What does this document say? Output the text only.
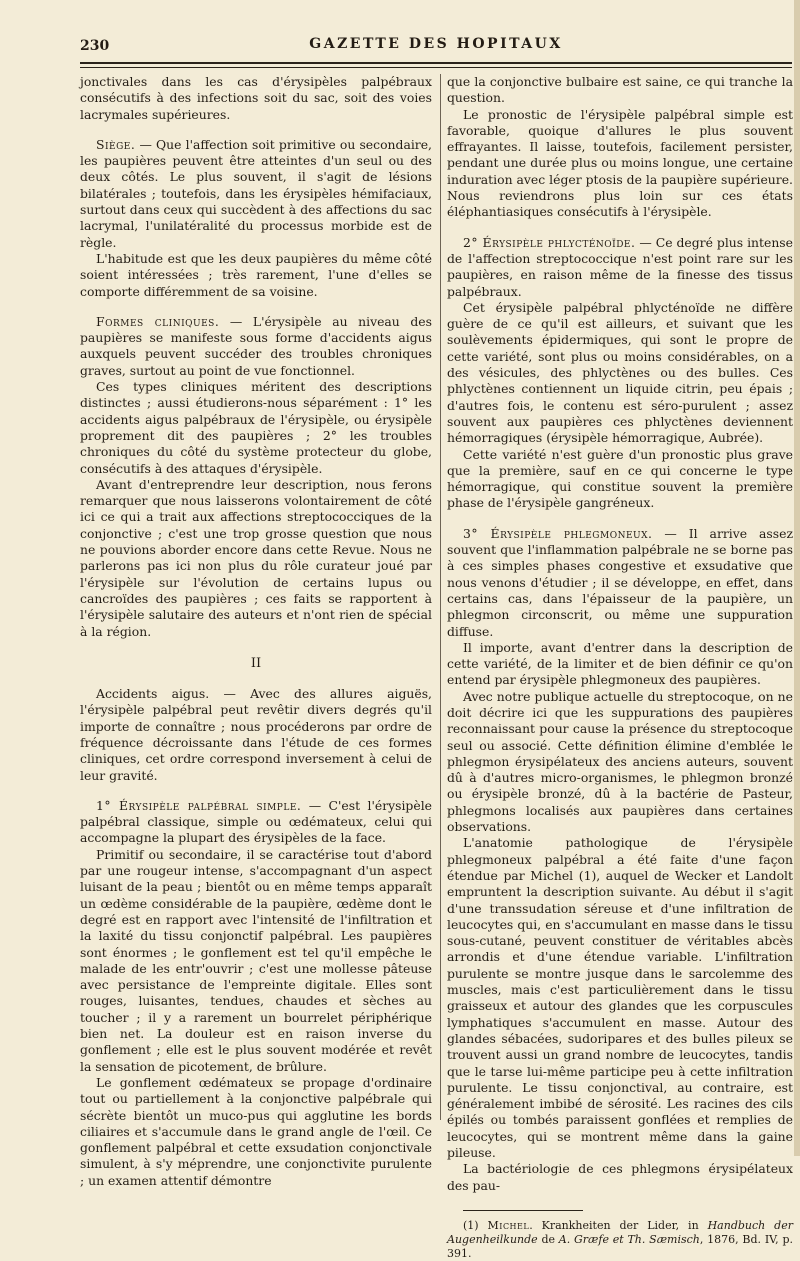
230	GAZETTE DES HOPITAUX

jonctivales dans les cas d'érysipèles palpébraux consécutifs à des infections soit du sac, soit des voies lacrymales supérieures.

Siège. — Que l'affection soit primitive ou secondaire, les paupières peuvent être atteintes d'un seul ou des deux côtés. Le plus souvent, il s'agit de lésions bilatérales ; toutefois, dans les érysipèles hémifaciaux, surtout dans ceux qui succèdent à des affections du sac lacrymal, l'unilatéralité du processus morbide est de règle.

L'habitude est que les deux paupières du même côté soient intéressées ; très rarement, l'une d'elles se comporte différemment de sa voisine.

Formes cliniques. — L'érysipèle au niveau des paupières se manifeste sous forme d'accidents aigus auxquels peuvent succéder des troubles chroniques graves, surtout au point de vue fonctionnel.

Ces types cliniques méritent des descriptions distinctes ; aussi étudierons-nous séparément : 1° les accidents aigus palpébraux de l'érysipèle, ou érysipèle proprement dit des paupières ; 2° les troubles chroniques du côté du système protecteur du globe, consécutifs à des attaques d'érysipèle.

Avant d'entreprendre leur description, nous ferons remarquer que nous laisserons volontairement de côté ici ce qui a trait aux affections streptococciques de la conjonctive ; c'est une trop grosse question que nous ne pouvions aborder encore dans cette Revue. Nous ne parlerons pas ici non plus du rôle curateur joué par l'érysipèle sur l'évolution de certains lupus ou cancroïdes des paupières ; ces faits se rapportent à l'érysipèle salutaire des auteurs et n'ont rien de spécial à la région.

II

Accidents aigus. — Avec des allures aiguës, l'érysipèle palpébral peut revêtir divers degrés qu'il importe de connaître ; nous procéderons par ordre de fréquence décroissante dans l'étude de ces formes cliniques, cet ordre correspond inversement à celui de leur gravité.

1° Érysipèle palpébral simple. — C'est l'érysipèle palpébral classique, simple ou œdémateux, celui qui accompagne la plupart des érysipèles de la face.

Primitif ou secondaire, il se caractérise tout d'abord par une rougeur intense, s'accompagnant d'un aspect luisant de la peau ; bientôt ou en même temps apparaît un œdème considérable de la paupière, œdème dont le degré est en rapport avec l'intensité de l'infiltration et la laxité du tissu conjonctif palpébral. Les paupières sont énormes ; le gonflement est tel qu'il empêche le malade de les entr'ouvrir ; c'est une mollesse pâteuse avec persistance de l'empreinte digitale. Elles sont rouges, luisantes, tendues, chaudes et sèches au toucher ; il y a rarement un bourrelet périphérique bien net. La douleur est en raison inverse du gonflement ; elle est le plus souvent modérée et revêt la sensation de picotement, de brûlure.

Le gonflement œdémateux se propage d'ordinaire tout ou partiellement à la conjonctive palpébrale qui sécrète bientôt un muco-pus qui agglutine les bords ciliaires et s'accumule dans le grand angle de l'œil. Ce gonflement palpébral et cette exsudation conjonctivale simulent, à s'y méprendre, une conjonctivite purulente ; un examen attentif démontre

que la conjonctive bulbaire est saine, ce qui tranche la question.

Le pronostic de l'érysipèle palpébral simple est favorable, quoique d'allures le plus souvent effrayantes. Il laisse, toutefois, facilement persister, pendant une durée plus ou moins longue, une certaine induration avec léger ptosis de la paupière supérieure. Nous reviendrons plus loin sur ces états éléphantiasiques consécutifs à l'érysipèle.

2° Érysipèle phlycténoïde. — Ce degré plus intense de l'affection streptococcique n'est point rare sur les paupières, en raison même de la finesse des tissus palpébraux.

Cet érysipèle palpébral phlycténoïde ne diffère guère de ce qu'il est ailleurs, et suivant que les soulèvements épidermiques, qui sont le propre de cette variété, sont plus ou moins considérables, on a des vésicules, des phlyctènes ou des bulles. Ces phlyctènes contiennent un liquide citrin, peu épais ; d'autres fois, le contenu est séro-purulent ; assez souvent aux paupières ces phlyctènes deviennent hémorragiques (érysipèle hémorragique, Aubrée).

Cette variété n'est guère d'un pronostic plus grave que la première, sauf en ce qui concerne le type hémorragique, qui constitue souvent la première phase de l'érysipèle gangréneux.

3° Érysipèle phlegmoneux. — Il arrive assez souvent que l'inflammation palpébrale ne se borne pas à ces simples phases congestive et exsudative que nous venons d'étudier ; il se développe, en effet, dans certains cas, dans l'épaisseur de la paupière, un phlegmon circonscrit, ou même une suppuration diffuse.

Il importe, avant d'entrer dans la description de cette variété, de la limiter et de bien définir ce qu'on entend par érysipèle phlegmoneux des paupières.

Avec notre publique actuelle du streptocoque, on ne doit décrire ici que les suppurations des paupières reconnaissant pour cause la présence du streptocoque seul ou associé. Cette définition élimine d'emblée le phlegmon érysipélateux des anciens auteurs, souvent dû à d'autres micro-organismes, le phlegmon bronzé ou érysipèle bronzé, dû à la bactérie de Pasteur, phlegmons localisés aux paupières dans certaines observations.

L'anatomie pathologique de l'érysipèle phlegmoneux palpébral a été faite d'une façon étendue par Michel (1), auquel de Wecker et Landolt empruntent la description suivante. Au début il s'agit d'une transsudation séreuse et d'une infiltration de leucocytes qui, en s'accumulant en masse dans le tissu sous-cutané, peuvent constituer de véritables abcès arrondis et d'une étendue variable. L'infiltration purulente se montre jusque dans le sarcolemme des muscles, mais c'est particulièrement dans le tissu graisseux et autour des glandes que les corpuscules lymphatiques s'accumulent en masse. Autour des glandes sébacées, sudoripares et des bulles pileux se trouvent aussi un grand nombre de leucocytes, tandis que le tarse lui-même participe peu à cette infiltration purulente. Le tissu conjonctival, au contraire, est généralement imbibé de sérosité. Les racines des cils épilés ou tombés paraissent gonflées et remplies de leucocytes, qui se montrent même dans la gaine pileuse.

La bactériologie de ces phlegmons érysipélateux des pau-

(1) Michel. Krankheiten der Lider, in Handbuch der Augenheilkunde de A. Græfe et Th. Sæmisch, 1876, Bd. IV, p. 391.
